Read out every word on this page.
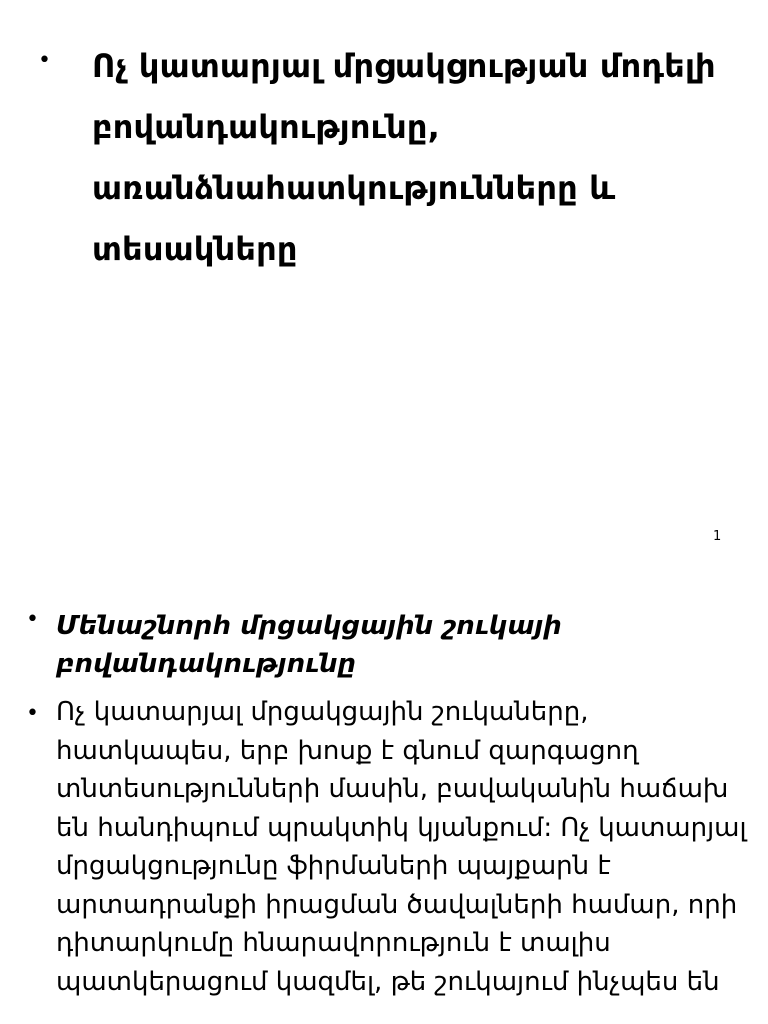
• Ոչ կատարյալ մրցակցության մոդելի բովանդակությունը, առանձնահատկությունները և տեսակները
1
• Մենաշնորհ մրցակցային շուկայի բովանդակությունը

• Ոչ կատարյալ մրցակցային շուկաները, հատկապես, երբ խոսք է գնում զարգացող տնտեսությունների մասին, բավականին հաճախ են հանդիպում պրակտիկ կյանքում: Ոչ կատարյալ մրցակցությունը ֆիրմաների պայքարն է արտադրանքի իրացման ծավալների համար, որի դիտարկումը հնարավորություն է տալիս պատկերացում կազմել, թե շուկայում ինչպես են
